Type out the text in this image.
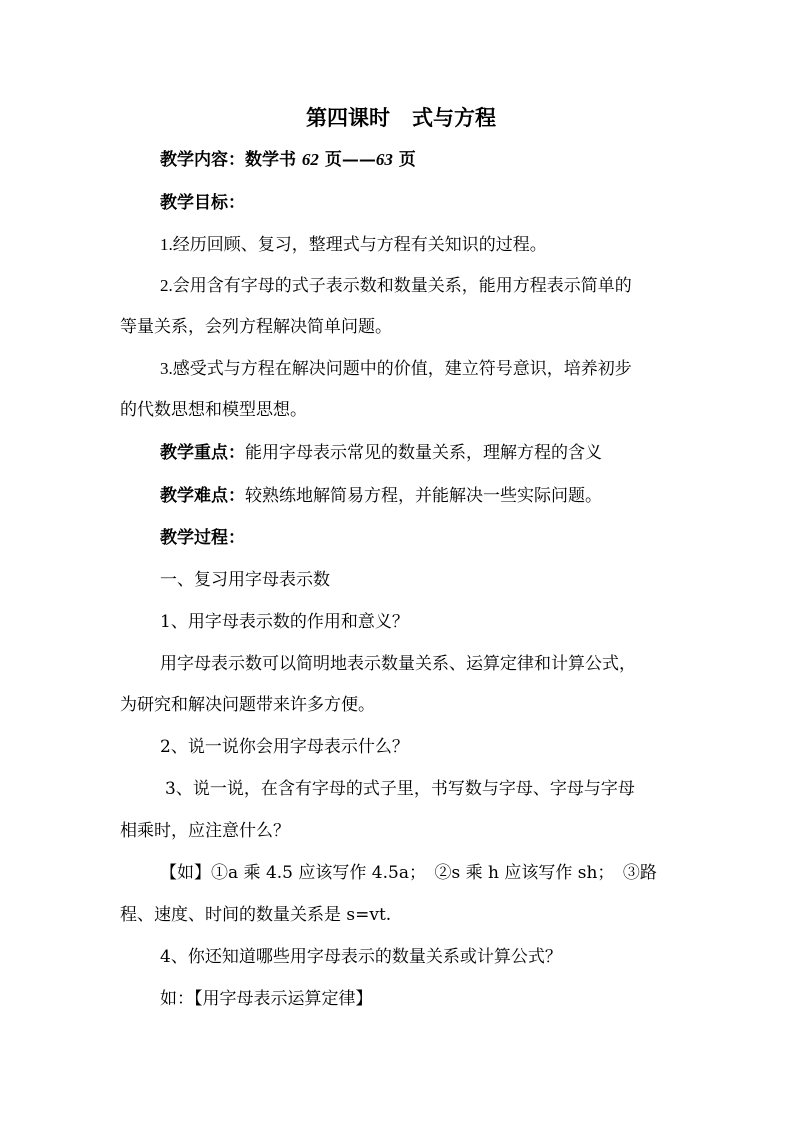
第四课时 式与方程
教学内容：数学书 62 页——63 页
教学目标：
1.经历回顾、复习，整理式与方程有关知识的过程。
2.会用含有字母的式子表示数和数量关系，能用方程表示简单的
等量关系，会列方程解决简单问题。
3.感受式与方程在解决问题中的价值，建立符号意识，培养初步
的代数思想和模型思想。
教学重点：能用字母表示常见的数量关系，理解方程的含义
教学难点：较熟练地解简易方程，并能解决一些实际问题。
教学过程：
一、复习用字母表示数
1、用字母表示数的作用和意义？
用字母表示数可以简明地表示数量关系、运算定律和计算公式，
为研究和解决问题带来许多方便。
2、说一说你会用字母表示什么？
3、说一说，在含有字母的式子里，书写数与字母、字母与字母
相乘时，应注意什么？
【如】①a 乘 4.5 应该写作 4.5a；　②s 乘 h 应该写作 sh；　③路
程、速度、时间的数量关系是 s=vt.
4、你还知道哪些用字母表示的数量关系或计算公式？
如：【用字母表示运算定律】
